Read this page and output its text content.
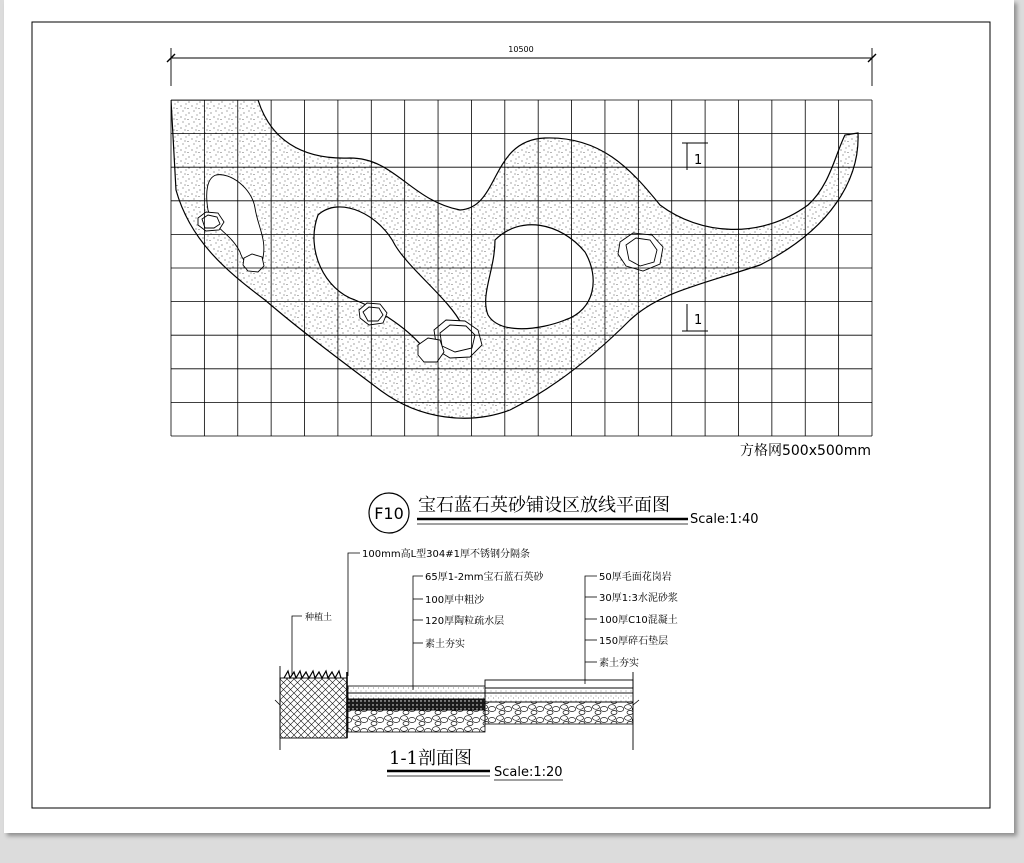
10500
1
1
方格网500x500mm
F10 宝石蓝石英砂铺设区放线平面图
Scale:1:40
100mm高L型304#1厚不锈钢分隔条
种植土
65厚1-2mm宝石蓝石英砂
100厚中粗沙
120厚陶粒疏水层
素土夯实
50厚毛面花岗岩
30厚1:3水泥砂浆
100厚C10混凝土
150厚碎石垫层
素土夯实
1-1剖面图
Scale:1:20
